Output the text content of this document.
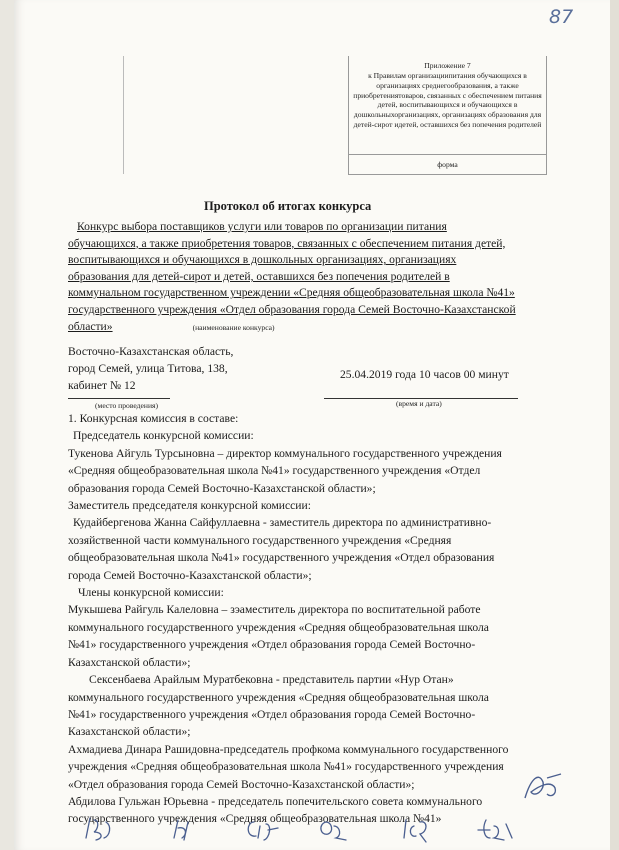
87
Приложение 7
к Правилам организациипитания обучающихся в организациях среднегообразования, а также приобретениятоваров, связанных с обеспечением питания детей, воспитывающихся и обучающихся в дошкольныхорганизациях, организациях образования для детей-сирот идетей, оставшихся без попечения родителей
форма
Протокол об итогах конкурса
Конкурс выбора поставщиков услуги или товаров по организации питания
обучающихся, а также приобретения товаров, связанных с обеспечением питания детей,
воспитывающихся и обучающихся в дошкольных организациях, организациях
образования для детей-сирот и детей, оставшихся без попечения родителей в
коммунальном государственном учреждении «Средняя общеобразовательная школа №41»
государственного учреждения «Отдел образования города Семей Восточно-Казахстанской
области»	(наименование конкурса)
Восточно-Казахстанская область,
город Семей, улица Титова, 138,
кабинет № 12
25.04.2019 года 10 часов 00 минут
(место проведения)	(время и дата)
1. Конкурсная комиссия в составе:
Председатель конкурсной комиссии:
Тукенова Айгуль Турсыновна – директор коммунального государственного учреждения
«Средняя общеобразовательная школа №41» государственного учреждения «Отдел
образования города Семей Восточно-Казахстанской области»;
Заместитель председателя конкурсной комиссии:
Кудайбергенова Жанна Сайфуллаевна - заместитель директора по административно-
хозяйственной части коммунального государственного учреждения «Средняя
общеобразовательная школа №41» государственного учреждения «Отдел образования
города Семей Восточно-Казахстанской области»;
Члены конкурсной комиссии:
Мукышева Райгуль Калеловна – зэаместитель директора по воспитательной работе
коммунального государственного учреждения «Средняя общеобразовательная школа
№41» государственного учреждения «Отдел образования города Семей Восточно-
Казахстанской области»;
Сексенбаева Арайлым Муратбековна - представитель партии «Нур Отан»
коммунального государственного учреждения «Средняя общеобразовательная школа
№41» государственного учреждения «Отдел образования города Семей Восточно-
Казахстанской области»;
Ахмадиева Динара Рашидовна-председатель профкома коммунального государственного
учреждения «Средняя общеобразовательная школа №41» государственного учреждения
«Отдел образования города Семей Восточно-Казахстанской области»;
Абдилова Гульжан Юрьевна - председатель попечительского совета коммунального
государственного учреждения «Средняя общеобразовательная школа №41»
